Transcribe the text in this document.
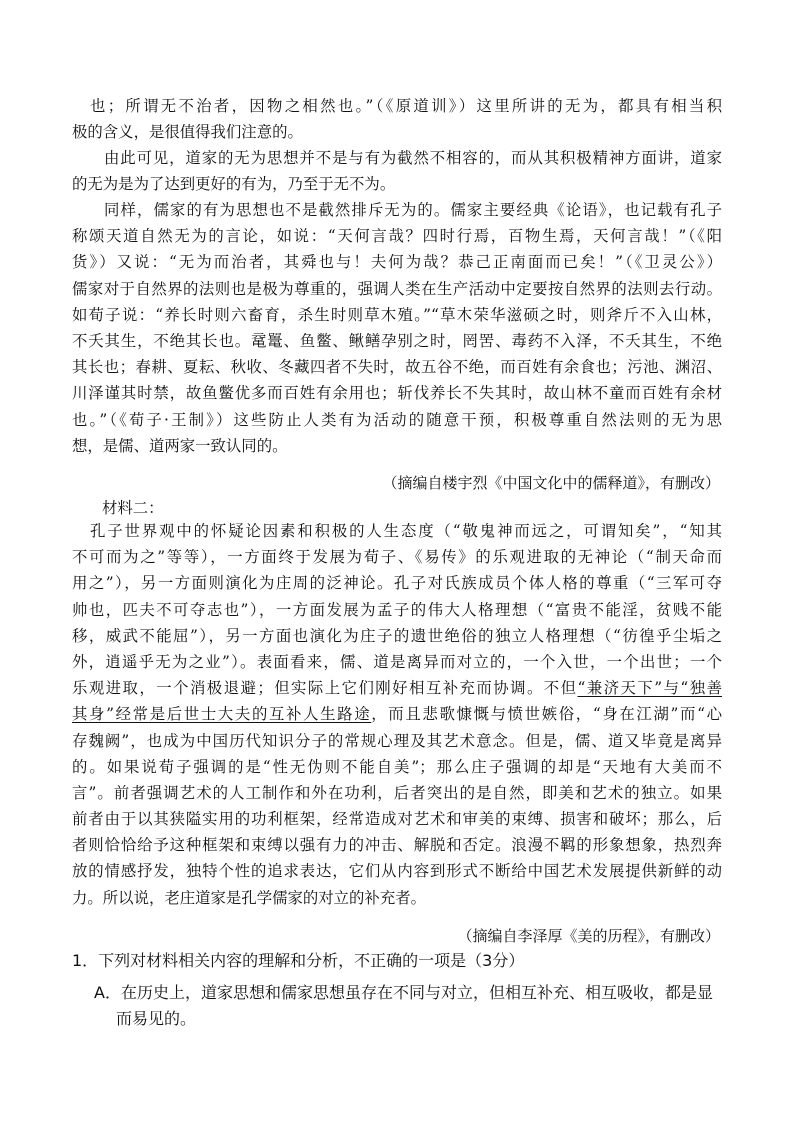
也；所谓无不治者，因物之相然也。”（《原道训》）这里所讲的无为，都具有相当积
极的含义，是很值得我们注意的。
由此可见，道家的无为思想并不是与有为截然不相容的，而从其积极精神方面讲，道家
的无为是为了达到更好的有为，乃至于无不为。
同样，儒家的有为思想也不是截然排斥无为的。儒家主要经典《论语》，也记载有孔子
称颂天道自然无为的言论，如说：“天何言哉？四时行焉，百物生焉，天何言哉！”（《阳
货》）又说：“无为而治者，其舜也与！夫何为哉？恭己正南面而已矣！”（《卫灵公》）
儒家对于自然界的法则也是极为尊重的，强调人类在生产活动中定要按自然界的法则去行动。
如荀子说：“养长时则六畜育，杀生时则草木殖。”“草木荣华滋硕之时，则斧斤不入山林，
不夭其生，不绝其长也。鼋鼍、鱼鳖、鳅鳝孕别之时，罔罟、毒药不入泽，不夭其生，不绝
其长也；春耕、夏耘、秋收、冬藏四者不失时，故五谷不绝，而百姓有余食也；污池、渊沼、
川泽谨其时禁，故鱼鳖优多而百姓有余用也；斩伐养长不失其时，故山林不童而百姓有余材
也。”（《荀子·王制》）这些防止人类有为活动的随意干预，积极尊重自然法则的无为思
想，是儒、道两家一致认同的。
（摘编自楼宇烈《中国文化中的儒释道》，有删改）
材料二：
孔子世界观中的怀疑论因素和积极的人生态度（“敬鬼神而远之，可谓知矣”，“知其
不可而为之”等等），一方面终于发展为荀子、《易传》的乐观进取的无神论（“制天命而
用之”），另一方面则演化为庄周的泛神论。孔子对氏族成员个体人格的尊重（“三军可夺
帅也，匹夫不可夺志也”），一方面发展为孟子的伟大人格理想（“富贵不能淫，贫贱不能
移，威武不能屈”），另一方面也演化为庄子的遗世绝俗的独立人格理想（“彷徨乎尘垢之
外，逍遥乎无为之业”）。表面看来，儒、道是离异而对立的，一个入世，一个出世；一个
乐观进取，一个消极退避；但实际上它们刚好相互补充而协调。不但“兼济天下”与“独善
其身”经常是后世士大夫的互补人生路途，而且悲歌慷慨与愤世嫉俗，“身在江湖”而“心
存魏阙”，也成为中国历代知识分子的常规心理及其艺术意念。但是，儒、道又毕竟是离异
的。如果说荀子强调的是“性无伪则不能自美”；那么庄子强调的却是“天地有大美而不
言”。前者强调艺术的人工制作和外在功利，后者突出的是自然，即美和艺术的独立。如果
前者由于以其狭隘实用的功利框架，经常造成对艺术和审美的束缚、损害和破坏；那么，后
者则恰恰给予这种框架和束缚以强有力的冲击、解脱和否定。浪漫不羁的形象想象，热烈奔
放的情感抒发，独特个性的追求表达，它们从内容到形式不断给中国艺术发展提供新鲜的动
力。所以说，老庄道家是孔学儒家的对立的补充者。
（摘编自李泽厚《美的历程》，有删改）
1．下列对材料相关内容的理解和分析，不正确的一项是（3分）
A．在历史上，道家思想和儒家思想虽存在不同与对立，但相互补充、相互吸收，都是显
而易见的。
